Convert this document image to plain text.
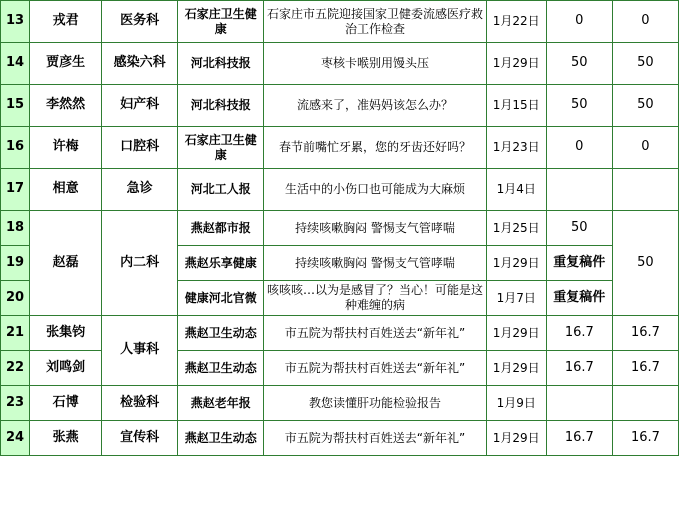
13	戎君	医务科	石家庄卫生健康	石家庄市五院迎接国家卫健委流感医疗救治工作检查	1月22日	0	0
14	贾彦生	感染六科	河北科技报	枣核卡喉别用馒头压	1月29日	50	50
15	李然然	妇产科	河北科技报	流感来了，准妈妈该怎么办？	1月15日	50	50
16	许梅	口腔科	石家庄卫生健康	春节前嘴忙牙累，您的牙齿还好吗？	1月23日	0	0
17	相意	急诊	河北工人报	生活中的小伤口也可能成为大麻烦	1月4日		
18	赵磊	内二科	燕赵都市报	持续咳嗽胸闷 警惕支气管哮喘	1月25日	50	50
19			燕赵乐享健康	持续咳嗽胸闷 警惕支气管哮喘	1月29日	重复稿件	
20			健康河北官微	咳咳咳…以为是感冒了？当心！可能是这种难缠的病	1月7日	重复稿件	
21	张集钧	人事科	燕赵卫生动态	市五院为帮扶村百姓送去“新年礼”	1月29日	16.7	16.7
22	刘鸣剑		燕赵卫生动态	市五院为帮扶村百姓送去“新年礼”	1月29日	16.7	16.7
23	石博	检验科	燕赵老年报	教您读懂肝功能检验报告	1月9日		
24	张燕	宣传科	燕赵卫生动态	市五院为帮扶村百姓送去“新年礼”	1月29日	16.7	16.7
